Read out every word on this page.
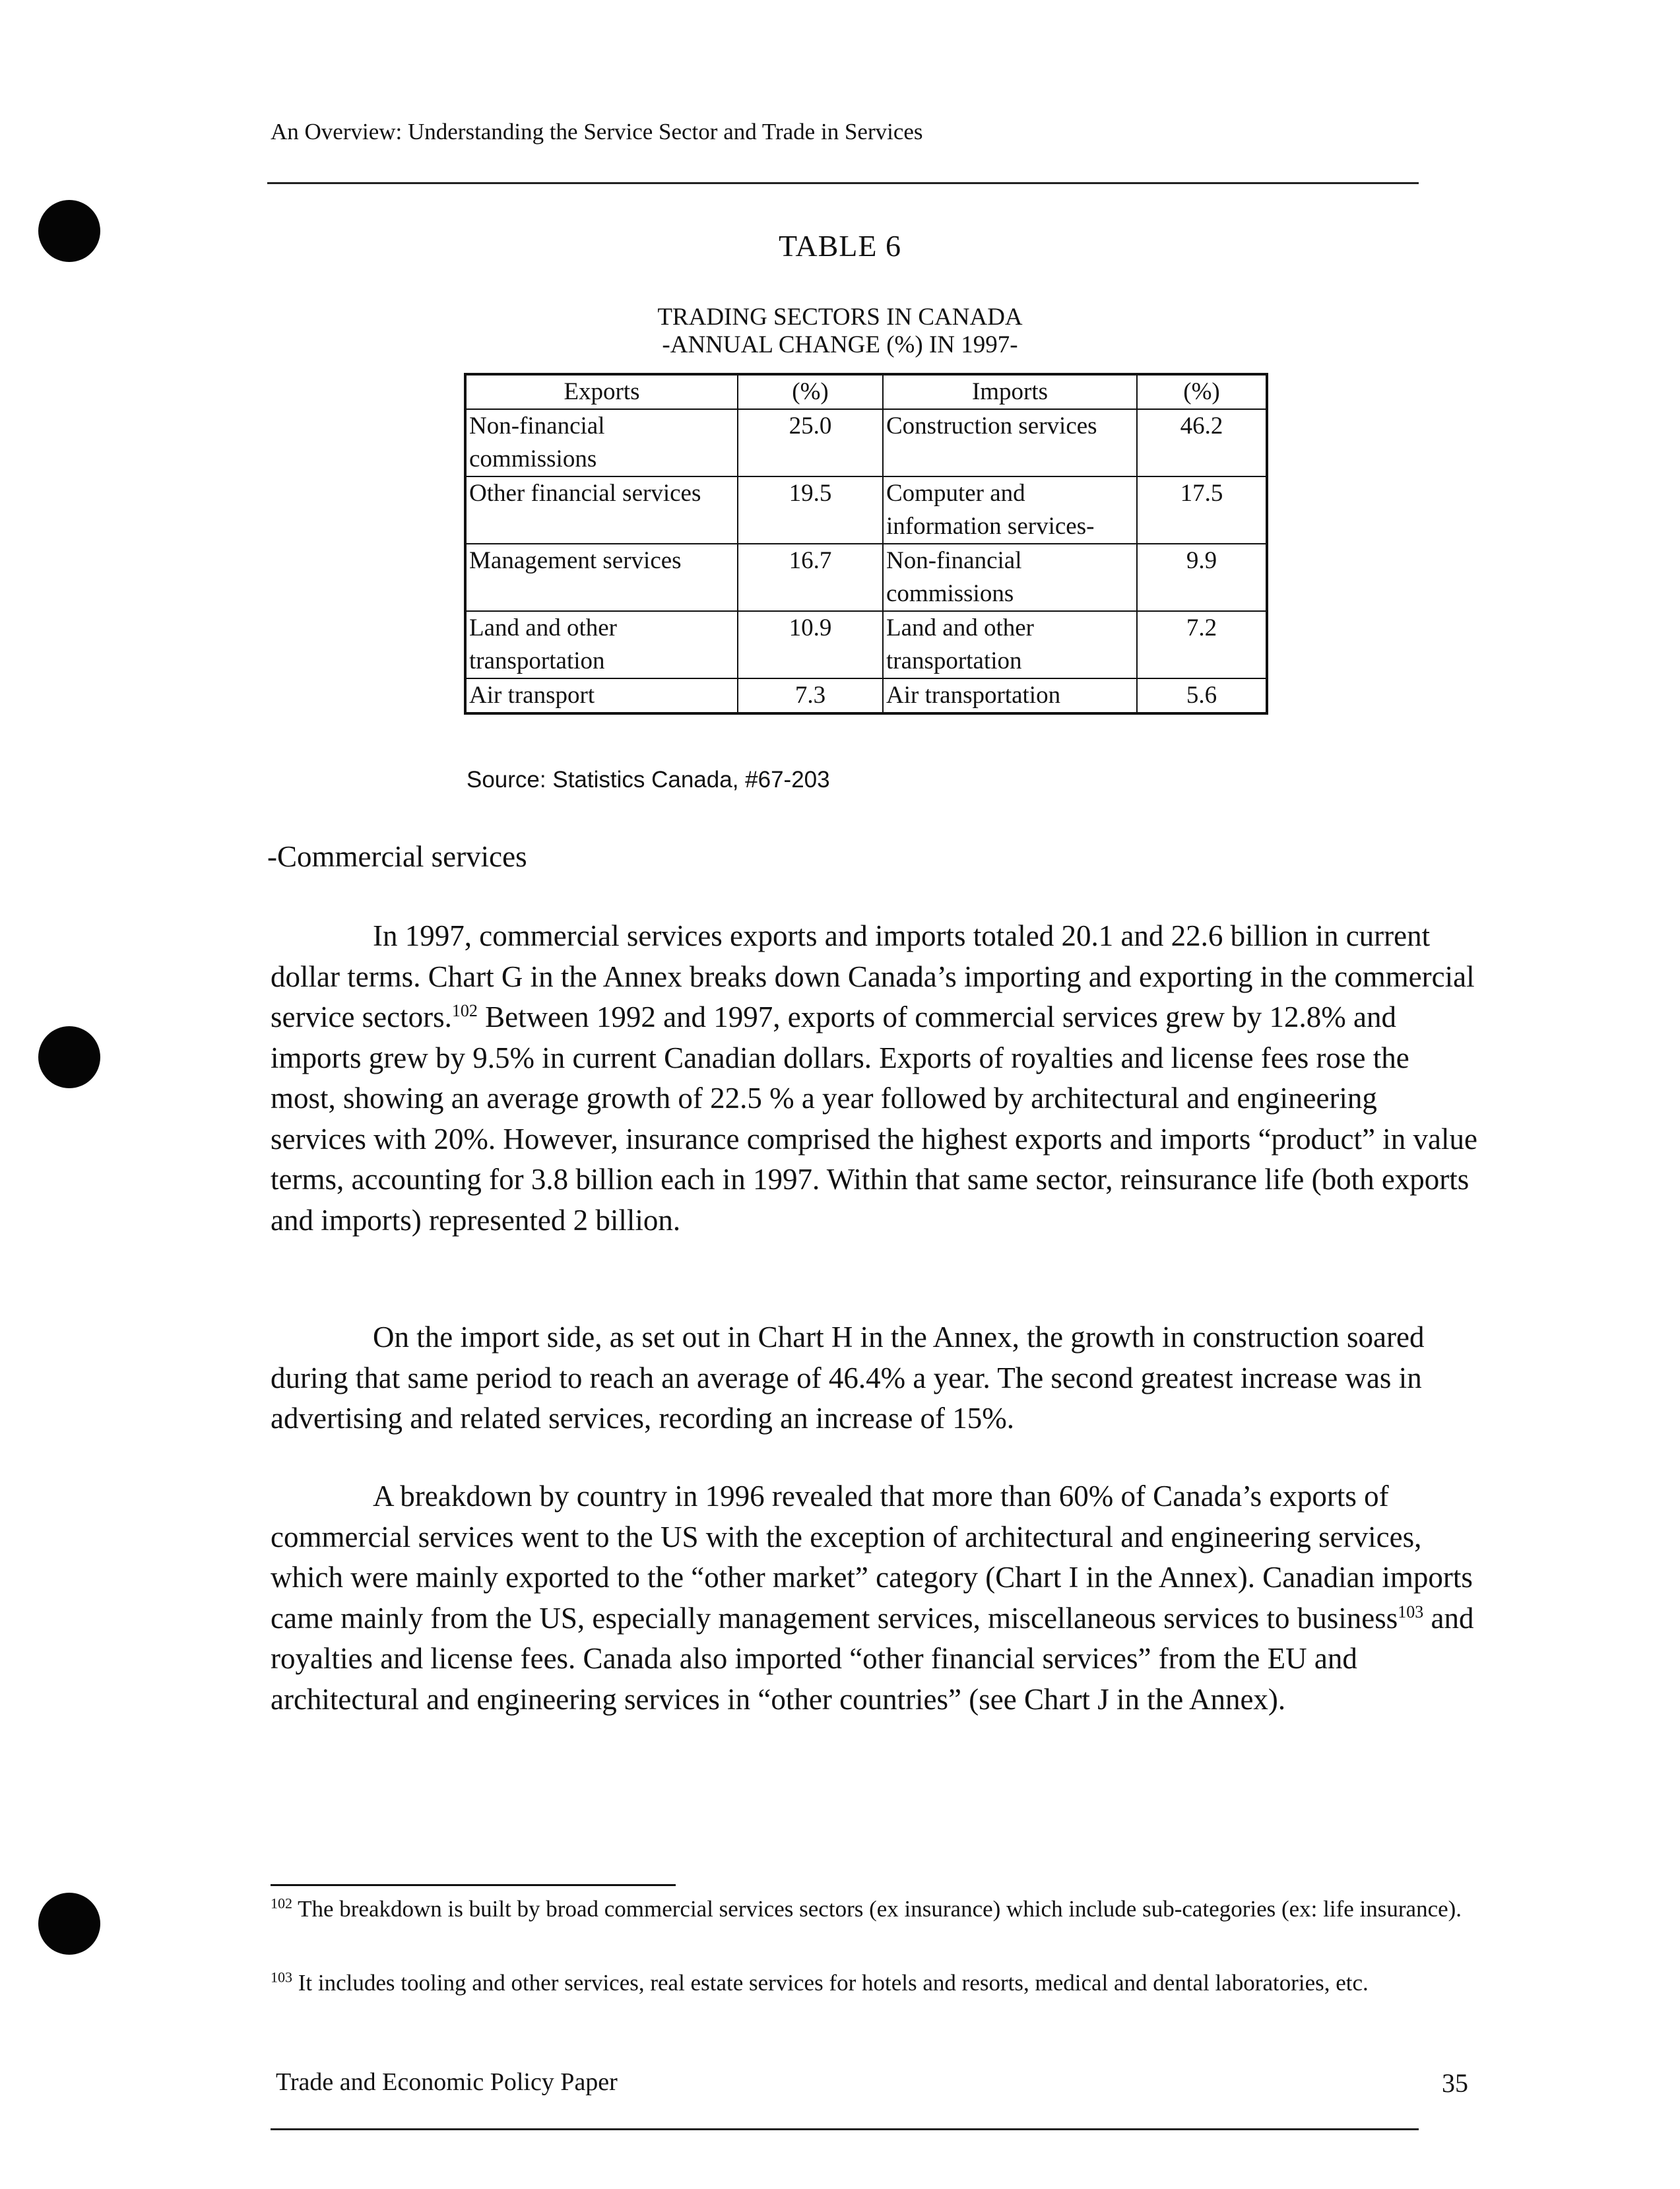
An Overview: Understanding the Service Sector and Trade in Services
TABLE 6
TRADING SECTORS IN CANADA
-ANNUAL CHANGE (%) IN 1997-
Exports	(%)	Imports	(%)
Non-financial commissions	25.0	Construction services	46.2
Other financial services	19.5	Computer and information services-	17.5
Management services	16.7	Non-financial commissions	9.9
Land and other transportation	10.9	Land and other transportation	7.2
Air transport	7.3	Air transportation	5.6
Source: Statistics Canada, #67-203
-Commercial services

In 1997, commercial services exports and imports totaled 20.1 and 22.6 billion in current dollar terms. Chart G in the Annex breaks down Canada’s importing and exporting in the commercial service sectors.$^{102}$ Between 1992 and 1997, exports of commercial services grew by 12.8% and imports grew by 9.5% in current Canadian dollars. Exports of royalties and license fees rose the most, showing an average growth of 22.5 % a year followed by architectural and engineering services with 20%. However, insurance comprised the highest exports and imports “product” in value terms, accounting for 3.8 billion each in 1997. Within that same sector, reinsurance life (both exports and imports) represented 2 billion.

On the import side, as set out in Chart H in the Annex, the growth in construction soared during that same period to reach an average of 46.4% a year. The second greatest increase was in advertising and related services, recording an increase of 15%.

A breakdown by country in 1996 revealed that more than 60% of Canada’s exports of commercial services went to the US with the exception of architectural and engineering services, which were mainly exported to the “other market” category (Chart I in the Annex). Canadian imports came mainly from the US, especially management services, miscellaneous services to business$^{103}$ and royalties and license fees. Canada also imported “other financial services” from the EU and architectural and engineering services in “other countries” (see Chart J in the Annex).

$^{102}$ The breakdown is built by broad commercial services sectors (ex insurance) which include sub-categories (ex: life insurance).

$^{103}$ It includes tooling and other services, real estate services for hotels and resorts, medical and dental laboratories, etc.

Trade and Economic Policy Paper	35
